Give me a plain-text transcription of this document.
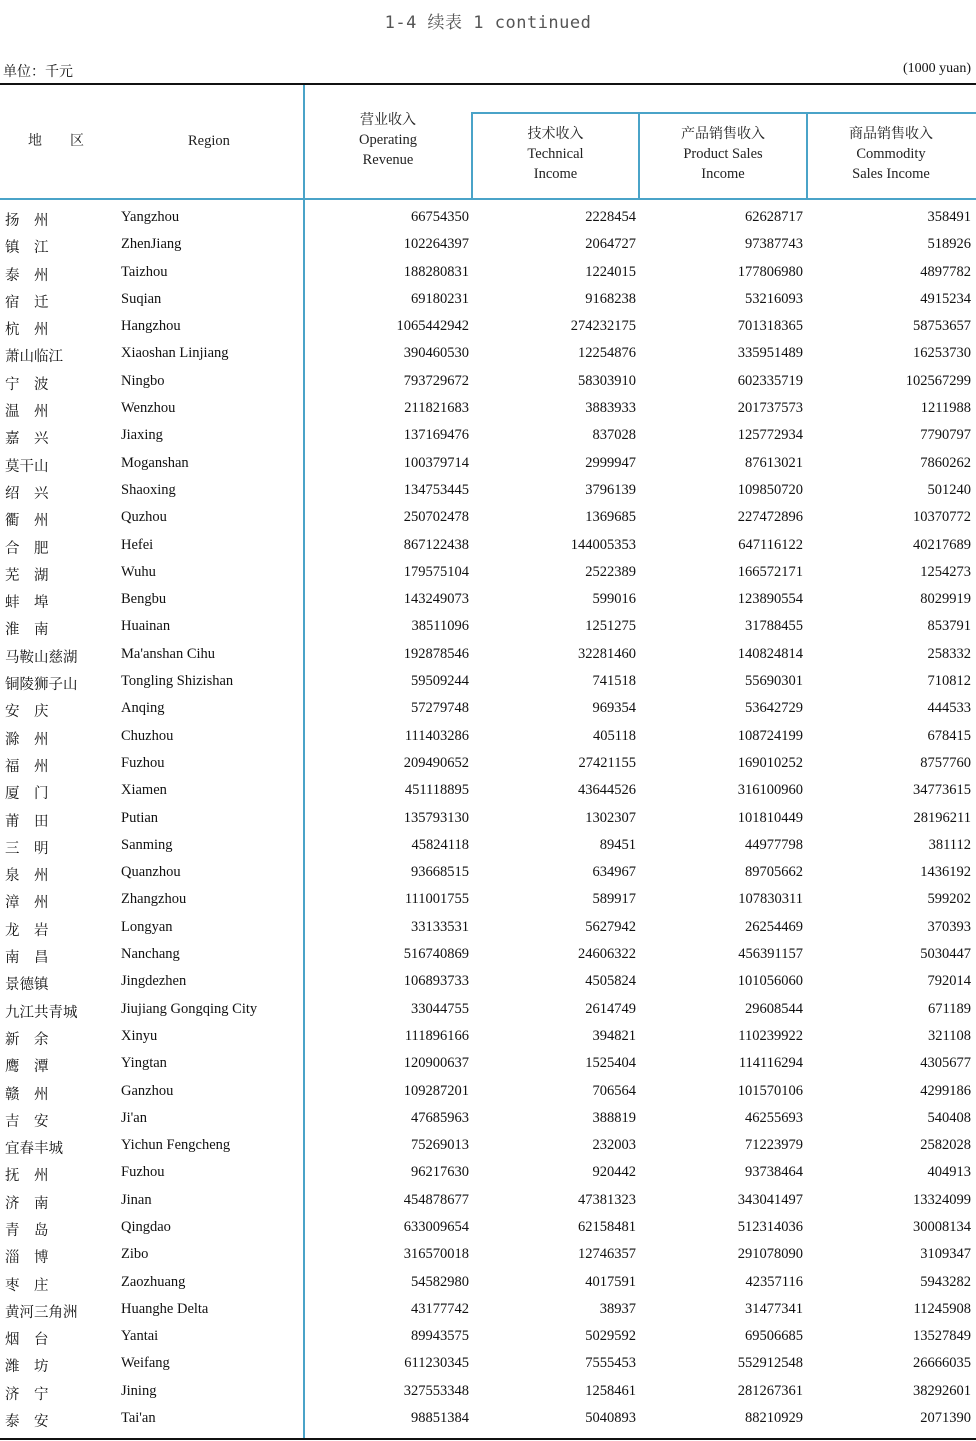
1-4 续表 1 continued
单位：千元	(1000 yuan)
地　　区	Region
营业收入
Operating
Revenue
技术收入
Technical
Income
产品销售收入
Product Sales
Income
商品销售收入
Commodity
Sales Income
扬　州	Yangzhou	66754350	2228454	62628717	358491
镇　江	ZhenJiang	102264397	2064727	97387743	518926
泰　州	Taizhou	188280831	1224015	177806980	4897782
宿　迁	Suqian	69180231	9168238	53216093	4915234
杭　州	Hangzhou	1065442942	274232175	701318365	58753657
萧山临江	Xiaoshan Linjiang	390460530	12254876	335951489	16253730
宁　波	Ningbo	793729672	58303910	602335719	102567299
温　州	Wenzhou	211821683	3883933	201737573	1211988
嘉　兴	Jiaxing	137169476	837028	125772934	7790797
莫干山	Moganshan	100379714	2999947	87613021	7860262
绍　兴	Shaoxing	134753445	3796139	109850720	501240
衢　州	Quzhou	250702478	1369685	227472896	10370772
合　肥	Hefei	867122438	144005353	647116122	40217689
芜　湖	Wuhu	179575104	2522389	166572171	1254273
蚌　埠	Bengbu	143249073	599016	123890554	8029919
淮　南	Huainan	38511096	1251275	31788455	853791
马鞍山慈湖	Ma'anshan Cihu	192878546	32281460	140824814	258332
铜陵狮子山	Tongling Shizishan	59509244	741518	55690301	710812
安　庆	Anqing	57279748	969354	53642729	444533
滁　州	Chuzhou	111403286	405118	108724199	678415
福　州	Fuzhou	209490652	27421155	169010252	8757760
厦　门	Xiamen	451118895	43644526	316100960	34773615
莆　田	Putian	135793130	1302307	101810449	28196211
三　明	Sanming	45824118	89451	44977798	381112
泉　州	Quanzhou	93668515	634967	89705662	1436192
漳　州	Zhangzhou	111001755	589917	107830311	599202
龙　岩	Longyan	33133531	5627942	26254469	370393
南　昌	Nanchang	516740869	24606322	456391157	5030447
景德镇	Jingdezhen	106893733	4505824	101056060	792014
九江共青城	Jiujiang Gongqing City	33044755	2614749	29608544	671189
新　余	Xinyu	111896166	394821	110239922	321108
鹰　潭	Yingtan	120900637	1525404	114116294	4305677
赣　州	Ganzhou	109287201	706564	101570106	4299186
吉　安	Ji'an	47685963	388819	46255693	540408
宜春丰城	Yichun Fengcheng	75269013	232003	71223979	2582028
抚　州	Fuzhou	96217630	920442	93738464	404913
济　南	Jinan	454878677	47381323	343041497	13324099
青　岛	Qingdao	633009654	62158481	512314036	30008134
淄　博	Zibo	316570018	12746357	291078090	3109347
枣　庄	Zaozhuang	54582980	4017591	42357116	5943282
黄河三角洲	Huanghe Delta	43177742	38937	31477341	11245908
烟　台	Yantai	89943575	5029592	69506685	13527849
潍　坊	Weifang	611230345	7555453	552912548	26666035
济　宁	Jining	327553348	1258461	281267361	38292601
泰　安	Tai'an	98851384	5040893	88210929	2071390
